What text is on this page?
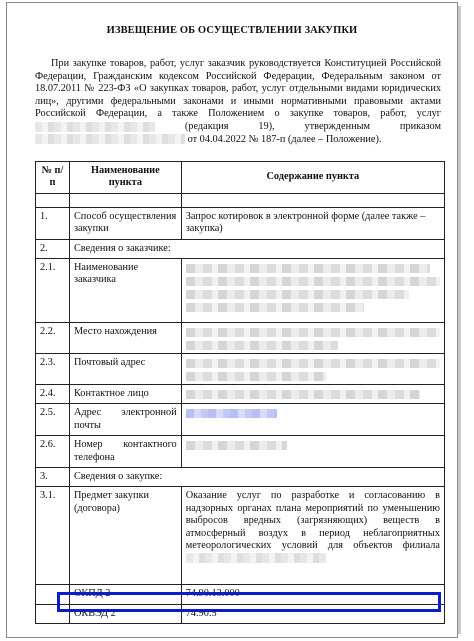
ИЗВЕЩЕНИЕ ОБ ОСУЩЕСТВЛЕНИИ ЗАКУПКИ

При закупке товаров, работ, услуг заказчик руководствуется Конституцией Российской Федерации, Гражданским кодексом Российской Федерации, Федеральным законом от 18.07.2011 № 223-ФЗ «О закупках товаров, работ, услуг отдельными видами юридических лиц», другими федеральными законами и иными нормативными правовыми актами Российской Федерации, а также Положением о закупке товаров, работ, услуг  (редакция 19), утвержденным приказом  от 04.04.2022 № 187-п (далее – Положение).

№ п/п	Наименование пункта	Содержание пункта

1.	Способ осуществления закупки	Запрос котировок в электронной форме (далее также – закупка)
2.	Сведения о заказчике:	
2.1.	Наименование заказчика	

2.2.	Место нахождения	

2.3.	Почтовый адрес	

2.4.	Контактное лицо	

2.5.	Адрес электронной почты	

2.6.	Номер контактного телефона	

3.	Сведения о закупке:	
3.1.	Предмет закупки (договора)	Оказание услуг по разработке и согласованию в надзорных органах плана мероприятий по уменьшению выбросов вредных (загрязняющих) веществ в атмосферный воздух в период неблагоприятных метеорологических условий для объектов филиала
	ОКПД 2	74.90.13.000
	ОКВЭД 2	74.90.5
